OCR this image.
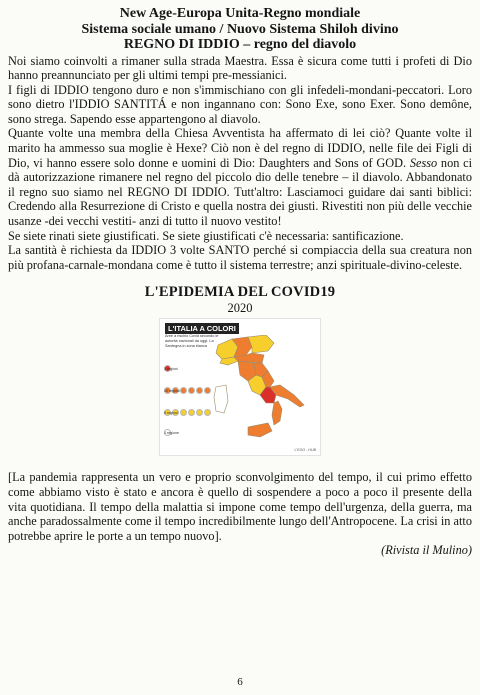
New Age-Europa Unita-Regno mondiale

Sistema sociale umano / Nuovo Sistema Shiloh divino

REGNO DI IDDIO – regno del diavolo

Noi siamo coinvolti a rimaner sulla strada Maestra. Essa è sicura come tutti i profeti di Dio hanno preannunciato per gli ultimi tempi pre-messianici.

I figli di IDDIO tengono duro e non s'immischiano con gli infedeli-mondani-peccatori. Loro sono dietro l'IDDIO SANTITÁ e non ingannano con: Sono Exe, sono Exer. Sono demône, sono strega. Sapendo esse appartengono al diavolo.

Quante volte una membra della Chiesa Avventista ha affermato di lei ciò? Quante volte il marito ha ammesso sua moglie è Hexe? Ciò non è del regno di IDDIO, nelle file dei Figli di Dio, vi hanno essere solo donne e uomini di Dio: Daughters and Sons of GOD. Sesso non ci dà autorizzazione rimanere nel regno del piccolo dio delle tenebre – il diavolo. Abbandonato il regno suo siamo nel REGNO DI IDDIO. Tutt'altro: Lasciamoci guidare dai santi biblici: Credendo alla Resurrezione di Cristo e quella nostra dei giusti. Rivestiti non più delle vecchie usanze -dei vecchi vestiti- anzi di tutto il nuovo vestito!

Se siete rinati siete giustificati. Se siete giustificati c'è necessaria: santificazione.

La santità è richiesta da IDDIO 3 volte SANTO perché si compiaccia della sua creatura non più profana-carnale-mondana come è tutto il sistema terrestre; anzi spirituale-divino-celeste.

L'EPIDEMIA DEL COVID19
2020
L'ITALIA A COLORI
Aree a rischio Covid secondo le autorità nazionali da oggi. La Sardegna in zona bianca
1 regioni
10 regioni
8 regioni
1 regione
L'EGO - HUB
[La pandemia rappresenta un vero e proprio sconvolgimento del tempo, il cui primo effetto come abbiamo visto è stato e ancora è quello di sospendere a poco a poco il presente della vita quotidiana. Il tempo della malattia si impone come tempo dell'urgenza, della guerra, ma anche paradossalmente come il tempo incredibilmente lungo dell'Antropocene. La crisi in atto potrebbe aprire le porte a un tempo nuovo].
(Rivista il Mulino)
6
